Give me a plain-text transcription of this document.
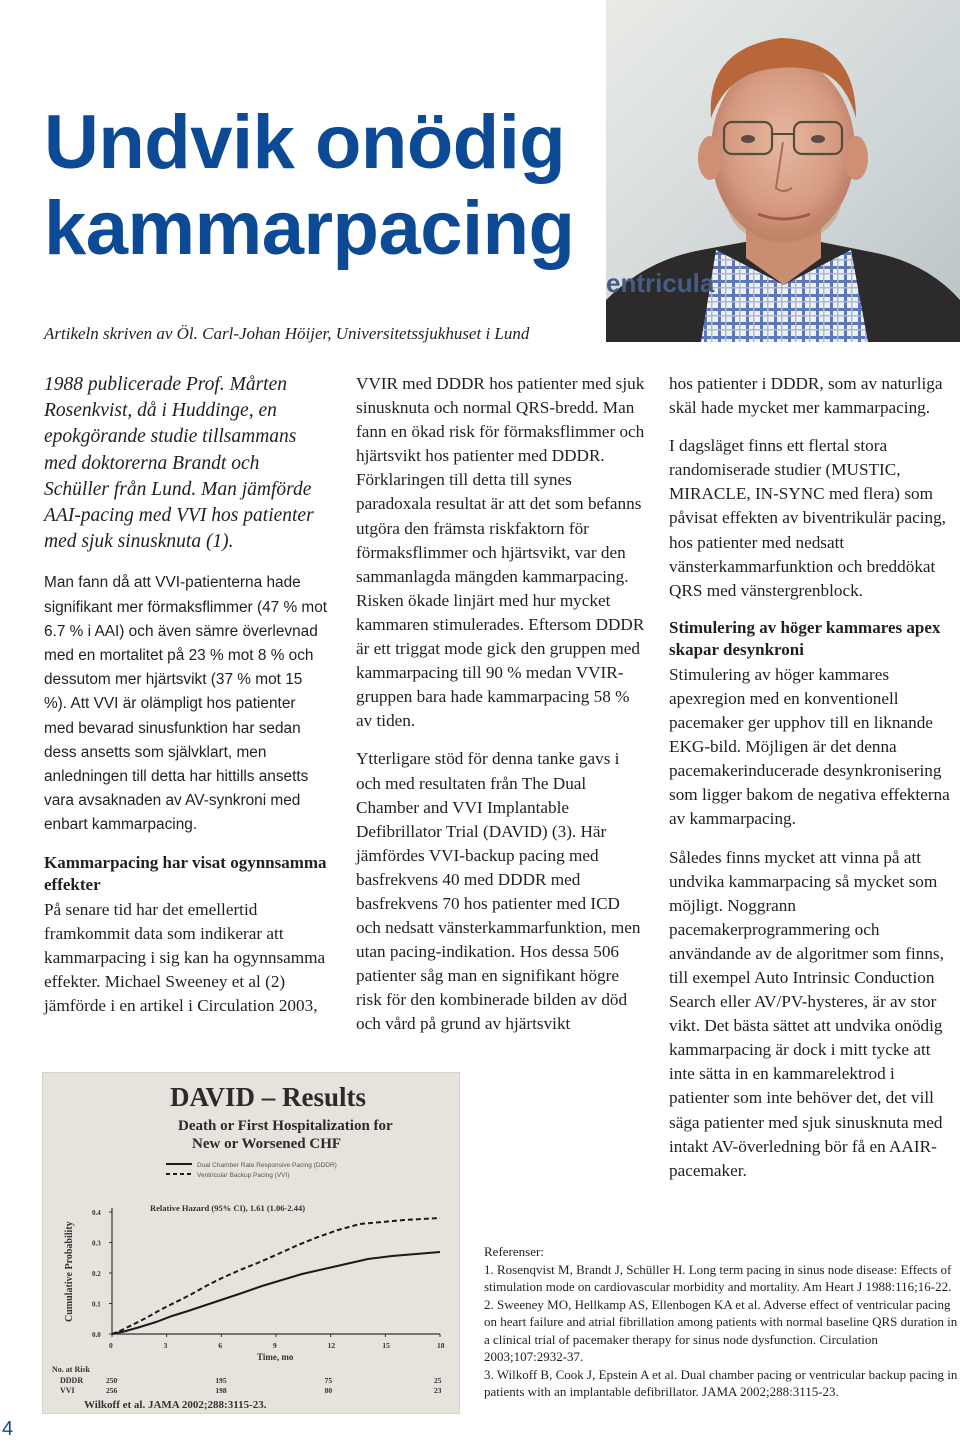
Undvik onödig kammarpacing
Artikeln skriven av Öl. Carl-Johan Höijer, Universitetssjukhuset i Lund
entricula

1988 publicerade Prof. Mårten Rosenkvist, då i Huddinge, en epokgörande studie tillsammans med doktorerna Brandt och Schüller från Lund. Man jämförde AAI-pacing med VVI hos patienter med sjuk sinusknuta (1).

Man fann då att VVI-patienterna hade signifikant mer förmaksflimmer (47 % mot 6.7 % i AAI) och även sämre överlevnad med en mortalitet på 23 % mot 8 % och dessutom mer hjärtsvikt (37 % mot 15 %). Att VVI är olämpligt hos patienter med bevarad sinusfunktion har sedan dess ansetts som självklart, men anledningen till detta har hittills ansetts vara avsaknaden av AV-synkroni med enbart kammarpacing.

Kammarpacing har visat ogynnsamma effekter

På senare tid har det emellertid framkommit data som indikerar att kammarpacing i sig kan ha ogynnsamma effekter. Michael Sweeney et al (2) jämförde i en artikel i Circulation 2003,

VVIR med DDDR hos patienter med sjuk sinusknuta och normal QRS-bredd. Man fann en ökad risk för förmaksflimmer och hjärtsvikt hos patienter med DDDR. Förklaringen till detta till synes paradoxala resultat är att det som befanns utgöra den främsta riskfaktorn för förmaksflimmer och hjärtsvikt, var den sammanlagda mängden kammarpacing. Risken ökade linjärt med hur mycket kammaren stimulerades. Eftersom DDDR är ett triggat mode gick den gruppen med kammarpacing till 90 % medan VVIR-gruppen bara hade kammarpacing 58 % av tiden.

Ytterligare stöd för denna tanke gavs i och med resultaten från The Dual Chamber and VVI Implantable Defibrillator Trial (DAVID) (3). Här jämfördes VVI-backup pacing med basfrekvens 40 med DDDR med basfrekvens 70 hos patienter med ICD och nedsatt vänsterkammarfunktion, men utan pacing-indikation. Hos dessa 506 patienter såg man en signifikant högre risk för den kombinerade bilden av död och vård på grund av hjärtsvikt

hos patienter i DDDR, som av naturliga skäl hade mycket mer kammarpacing.

I dagsläget finns ett flertal stora randomiserade studier (MUSTIC, MIRACLE, IN-SYNC med flera) som påvisat effekten av biventrikulär pacing, hos patienter med nedsatt vänsterkammarfunktion och breddökat QRS med vänstergrenblock.

Stimulering av höger kammares apex skapar desynkroni

Stimulering av höger kammares apexregion med en konventionell pacemaker ger upphov till en liknande EKG-bild. Möjligen är det denna pacemakerinducerade desynkronisering som ligger bakom de negativa effekterna av kammarpacing.

Således finns mycket att vinna på att undvika kammarpacing så mycket som möjligt. Noggrann pacemakerprogrammering och användande av de algoritmer som finns, till exempel Auto Intrinsic Conduction Search eller AV/PV-hysteres, är av stor vikt. Det bästa sättet att undvika onödig kammarpacing är dock i mitt tycke att inte sätta in en kammarelektrod i patienter som inte behöver det, det vill säga patienter med sjuk sinusknuta med intakt AV-överledning bör få en AAIR-pacemaker.

DAVID – Results
Death or First Hospitalization for
New or Worsened CHF
Dual Chamber Rate Responsive Pacing (DDDR)
Ventricular Backup Pacing (VVI)
0.4
0.3
0.2
0.1
0.0
0	3	6	9	12	15	18
Relative Hazard (95% CI), 1.61 (1.06-2.44)
Cumulative Probability
Time, mo
No. at Risk
DDDR
VVI
250	195	75	25
256	198	80	23
Wilkoff et al. JAMA 2002;288:3115-23.

Referenser:

1. Rosenqvist M, Brandt J, Schüller H. Long term pacing in sinus node disease: Effects of stimulation mode on cardiovascular morbidity and mortality. Am Heart J 1988:116;16-22.

2. Sweeney MO, Hellkamp AS, Ellenbogen KA et al. Adverse effect of ventricular pacing on heart failure and atrial fibrillation among patients with normal baseline QRS duration in a clinical trial of pacemaker therapy for sinus node dysfunction. Circulation 2003;107:2932-37.

3. Wilkoff B, Cook J, Epstein A et al. Dual chamber pacing or ventricular backup pacing in patients with an implantable defibrillator. JAMA 2002;288:3115-23.

4
